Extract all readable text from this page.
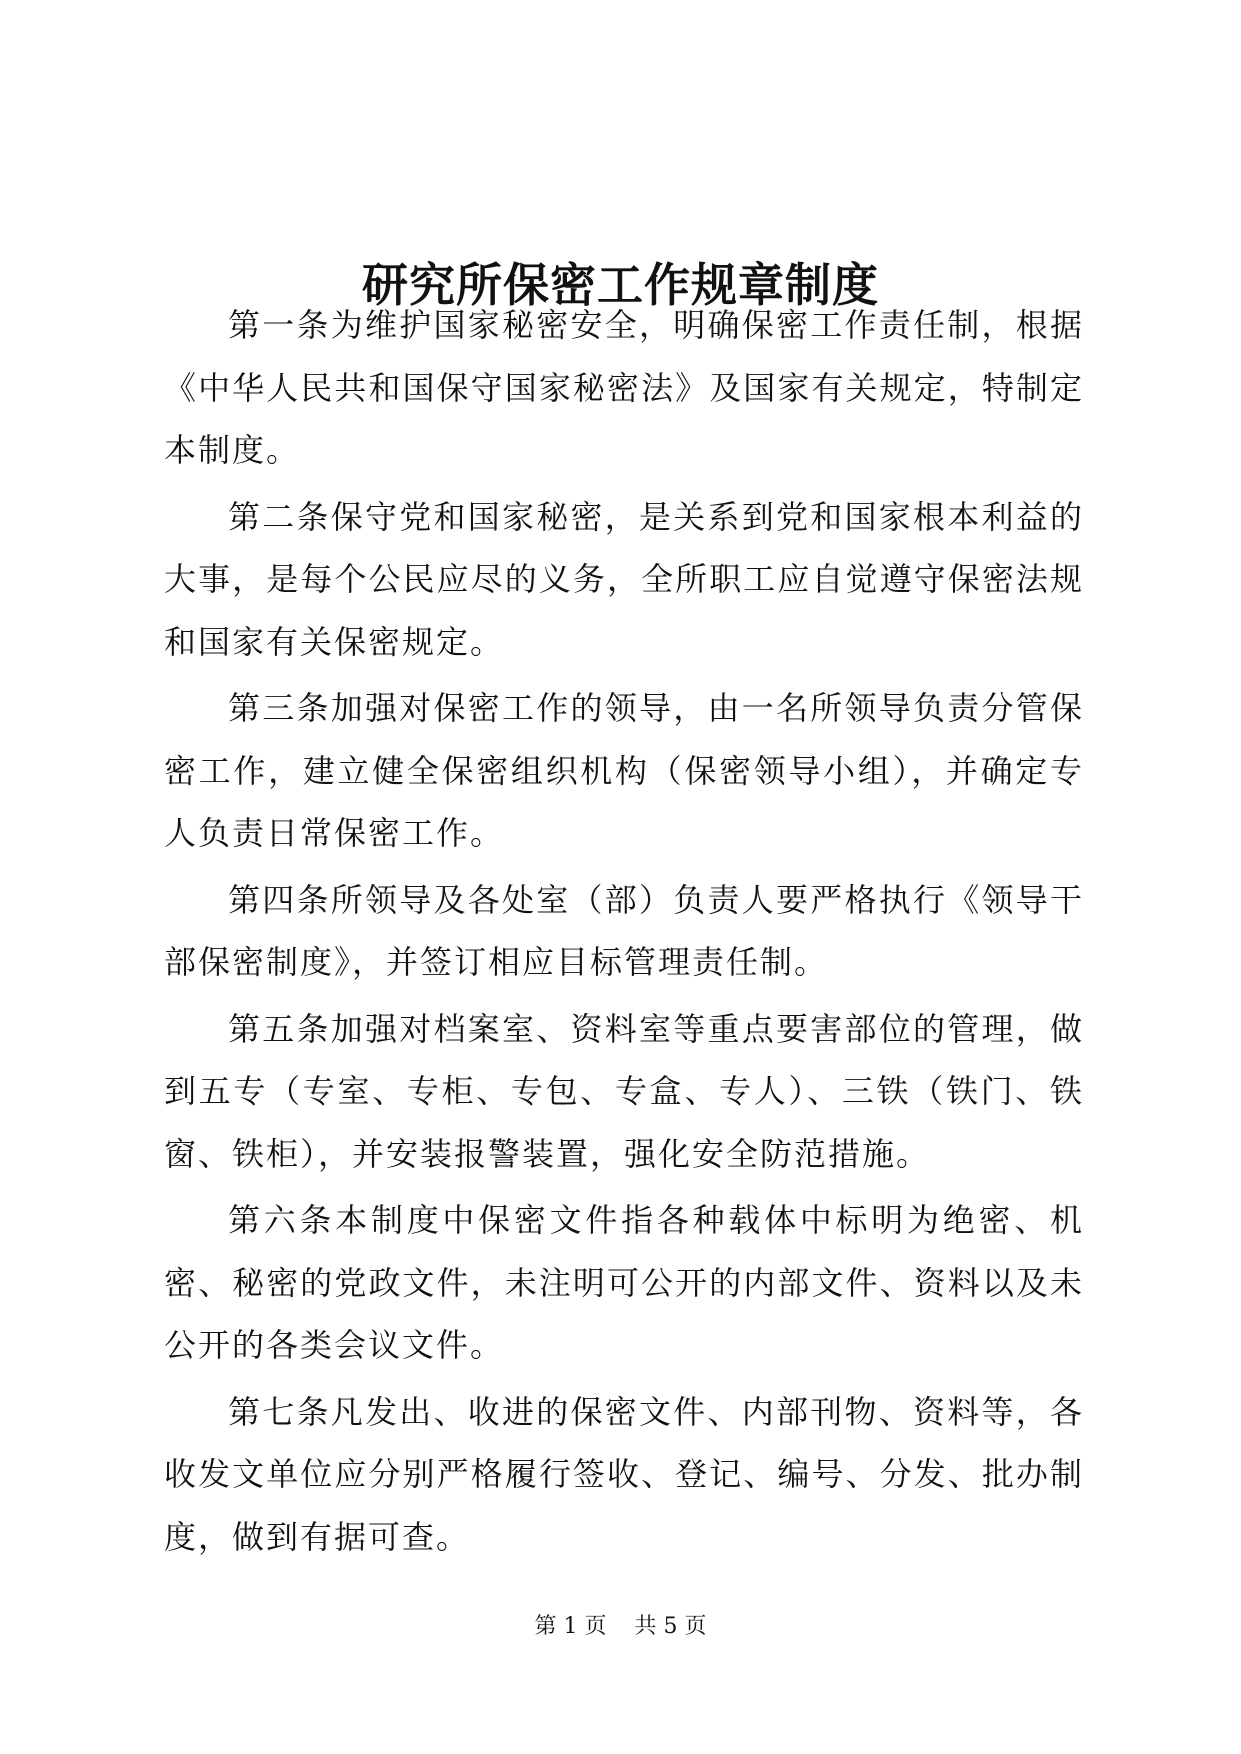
研究所保密工作规章制度

第一条为维护国家秘密安全，明确保密工作责任制，根据《中华人民共和国保守国家秘密法》及国家有关规定，特制定本制度。

第二条保守党和国家秘密，是关系到党和国家根本利益的大事，是每个公民应尽的义务，全所职工应自觉遵守保密法规和国家有关保密规定。

第三条加强对保密工作的领导，由一名所领导负责分管保密工作，建立健全保密组织机构（保密领导小组），并确定专人负责日常保密工作。

第四条所领导及各处室（部）负责人要严格执行《领导干部保密制度》，并签订相应目标管理责任制。

第五条加强对档案室、资料室等重点要害部位的管理，做到五专（专室、专柜、专包、专盒、专人）、三铁（铁门、铁窗、铁柜），并安装报警装置，强化安全防范措施。

第六条本制度中保密文件指各种载体中标明为绝密、机密、秘密的党政文件，未注明可公开的内部文件、资料以及未公开的各类会议文件。

第七条凡发出、收进的保密文件、内部刊物、资料等，各收发文单位应分别严格履行签收、登记、编号、分发、批办制度，做到有据可查。

第 1 页 共 5 页
